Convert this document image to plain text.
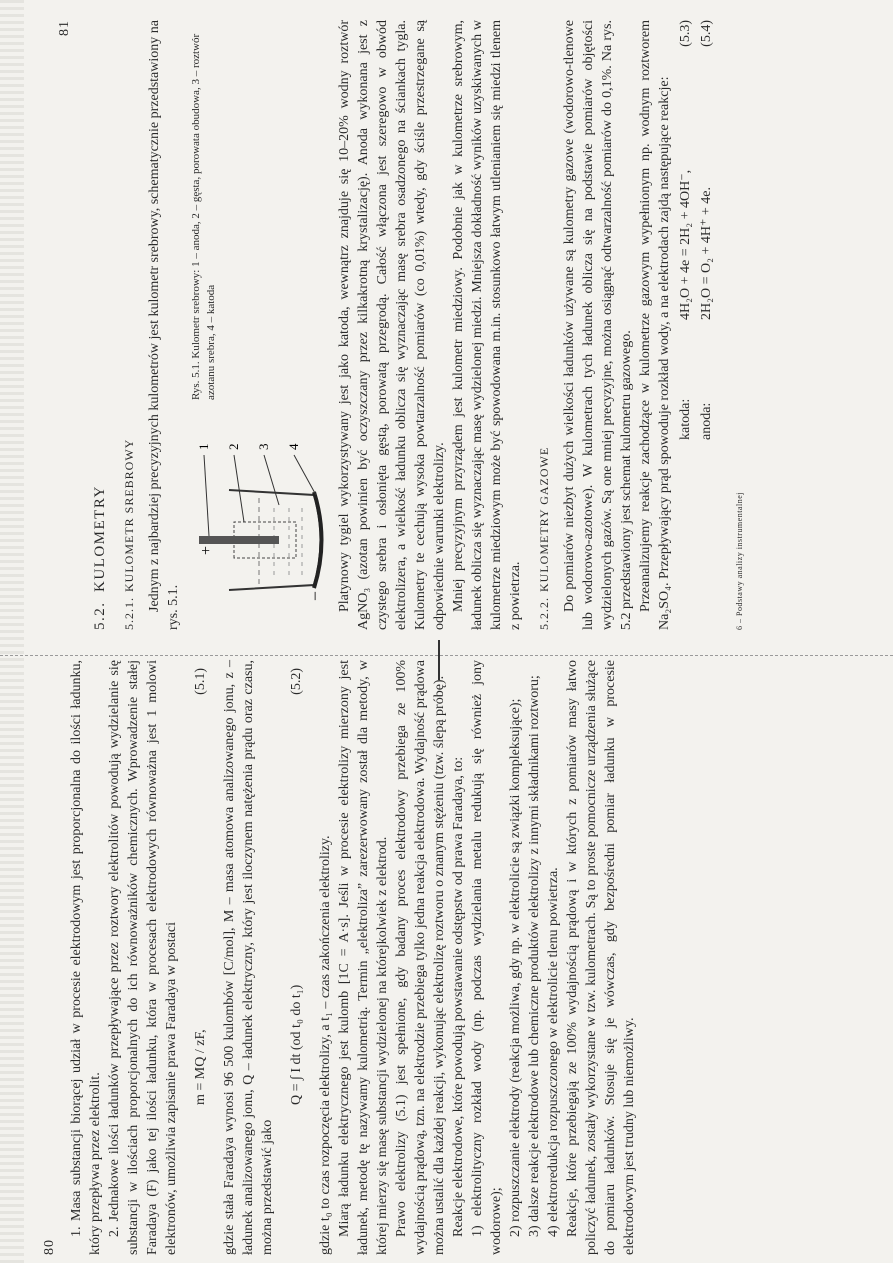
80

1. Masa substancji biorącej udział w procesie elektrodowym jest proporcjonalna do ilości ładunku, który przepływa przez elektrolit. 2. Jednakowe ilości ładunków przepływające przez roztwory elektrolitów powodują wydzielanie się substancji w ilościach proporcjonalnych do ich równoważników chemicznych. Wprowadzenie stałej Faradaya (F) jako tej ilości ładunku, która w procesach elektrodowych równoważna jest 1 molowi elektronów, umożliwia zapisanie prawa Faradaya w postaci m = MQ / zF,
(5.1) gdzie stała Faradaya wynosi 96 500 kulombów [C/mol], M – masa atomowa analizowanego jonu, z – ładunek analizowanego jonu, Q – ładunek elektryczny, który jest iloczynem natężenia prądu oraz czasu, można przedstawić jako

Q = ∫ I dt (od t₀ do t₁)
(5.2)

gdzie t₀ to czas rozpoczęcia elektrolizy, a t₁ – czas zakończenia elektrolizy. Miarą ładunku elektrycznego jest kulomb [1C = A·s]. Jeśli w procesie elektrolizy mierzony jest ładunek, metodę tę nazywamy kulometrią. Termin „elektroliza” zarezerwowany został dla metody, w której mierzy się masę substancji wydzielonej na którejkolwiek z elektrod. Prawo elektrolizy (5.1) jest spełnione, gdy badany proces elektrodowy przebiega ze 100% wydajnością prądową, tzn. na elektrodzie przebiega tylko jedna reakcja elektrodowa. Wydajność prądowa można ustalić dla każdej reakcji, wykonując elektrolizę roztworu o znanym stężeniu (tzw. ślepą próbę). Reakcje elektrodowe, które powodują powstawanie odstępstw od prawa Faradaya, to: 1) elektrolityczny rozkład wody (np. podczas wydzielania metalu redukują się również jony wodorowe); 2) rozpuszczanie elektrody (reakcja możliwa, gdy np. w elektrolicie są związki kompleksujące); 3) dalsze reakcje elektrodowe lub chemiczne produktów elektrolizy z innymi składnikami roztworu; 4) elektroredukcja rozpuszczonego w elektrolicie tlenu powietrza. Reakcje, które przebiegają ze 100% wydajnością prądową i w których z pomiarów masy łatwo policzyć ładunek, zostały wykorzystane w tzw. kulometrach. Są to proste pomocnicze urządzenia służące do pomiaru ładunków. Stosuje się je wówczas, gdy bezpośredni pomiar ładunku w procesie elektrodowym jest trudny lub niemożliwy.

81
5.2.KULOMETRY
5.2.1.KULOMETR SREBROWY Jednym z najbardziej precyzyjnych kulometrów jest kulometr srebrowy, schematycznie przedstawiony na rys. 5.1.

+
–
1 2 3 4
Rys. 5.1. Kulometr srebrowy: 1 – anoda, 2 – gęsta, porowata obudowa, 3 – roztwór azotanu srebra, 4 – katoda	Platynowy tygiel wykorzystywany jest jako katoda, wewnątrz znajduje się 10–20% wodny roztwór AgNO₃ (azotan powinien być oczyszczany przez kilkakrotną krystalizację). Anoda wykonana jest z czystego srebra i osłonięta gęstą, porowatą przegrodą. Całość włączona jest szeregowo w obwód elektrolizera, a wielkość ładunku oblicza się wyznaczając masę srebra osadzonego na ściankach tygla. Kulometry te cechują wysoka powtarzalność pomiarów (co 0,01%) wtedy, gdy ściśle przestrzegane są odpowiednie warunki elektrolizy. Mniej precyzyjnym przyrządem jest kulometr miedziowy. Podobnie jak w kulometrze srebrowym, ładunek oblicza się wyznaczając masę wydzielonej miedzi. Mniejsza dokładność wyników uzyskiwanych w kulometrze miedziowym może być spowodowana m.in. stosunkowo łatwym utlenianiem się miedzi tlenem z powietrza. 5.2.2.KULOMETRY GAZOWE Do pomiarów niezbyt dużych wielkości ładunków używane są kulometry gazowe (wodorowo-tlenowe lub wodorowo-azotowe). W kulometrach tych ładunek oblicza się na podstawie pomiarów objętości wydzielonych gazów. Są one mniej precyzyjne, można osiągnąć odtwarzalność pomiarów do 0,1%. Na rys. 5.2 przedstawiony jest schemat kulometru gazowego. Przeanalizujemy reakcje zachodzące w kulometrze gazowym wypełnionym np. wodnym roztworem Na₂SO₄. Przepływający prąd spowoduje rozkład wody, a na elektrodach zajdą następujące reakcje: katoda:
4H₂O + 4e = 2H₂ + 4OH⁻,
(5.3)
anoda:
2H₂O = O₂ + 4H⁺ + 4e.
(5.4)
6 – Podstawy analizy instrumentalnej
